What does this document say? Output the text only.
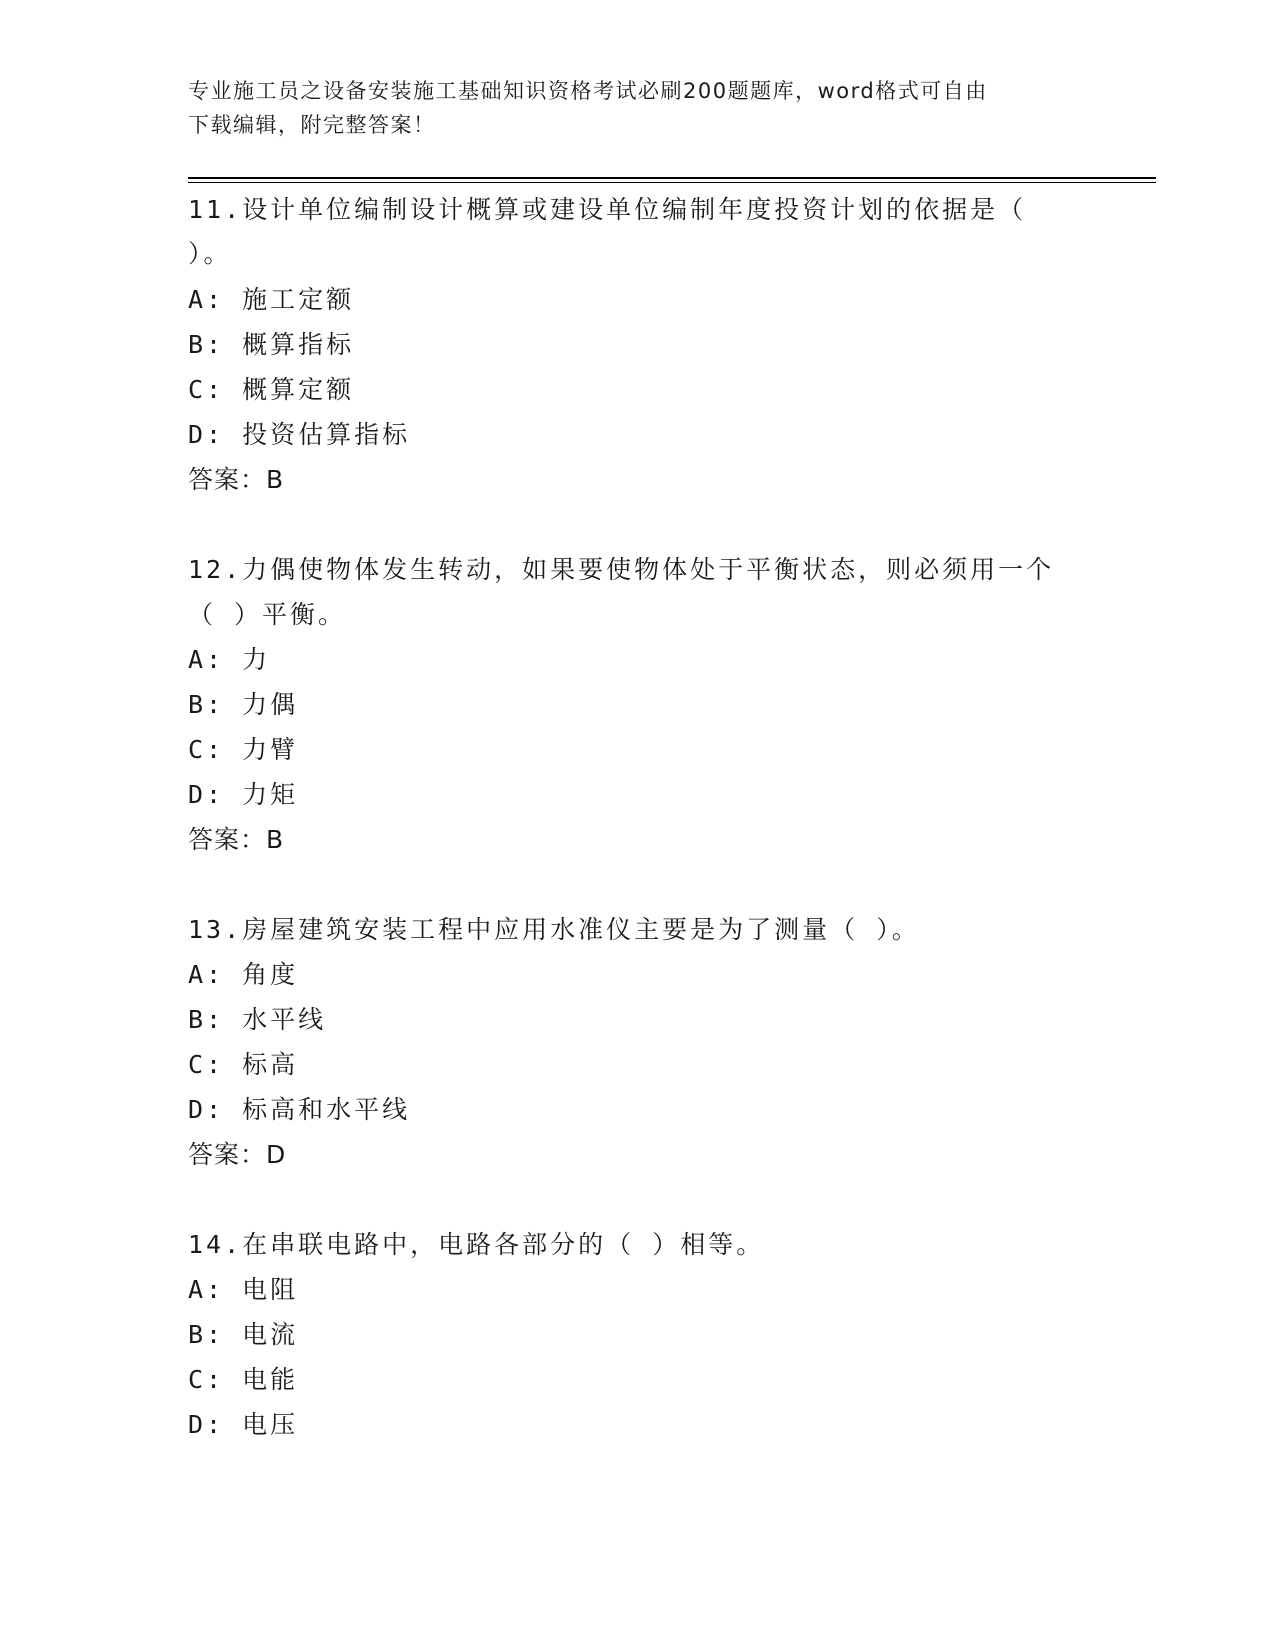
专业施工员之设备安装施工基础知识资格考试必刷200题题库，word格式可自由
下载编辑，附完整答案！
11.设计单位编制设计概算或建设单位编制年度投资计划的依据是（
）。
A: 施工定额
B: 概算指标
C: 概算定额
D: 投资估算指标
答案：B
12.力偶使物体发生转动，如果要使物体处于平衡状态，则必须用一个
（ ）平衡。
A: 力
B: 力偶
C: 力臂
D: 力矩
答案：B
13.房屋建筑安装工程中应用水准仪主要是为了测量（ ）。
A: 角度
B: 水平线
C: 标高
D: 标高和水平线
答案：D
14.在串联电路中，电路各部分的（ ）相等。
A: 电阻
B: 电流
C: 电能
D: 电压
